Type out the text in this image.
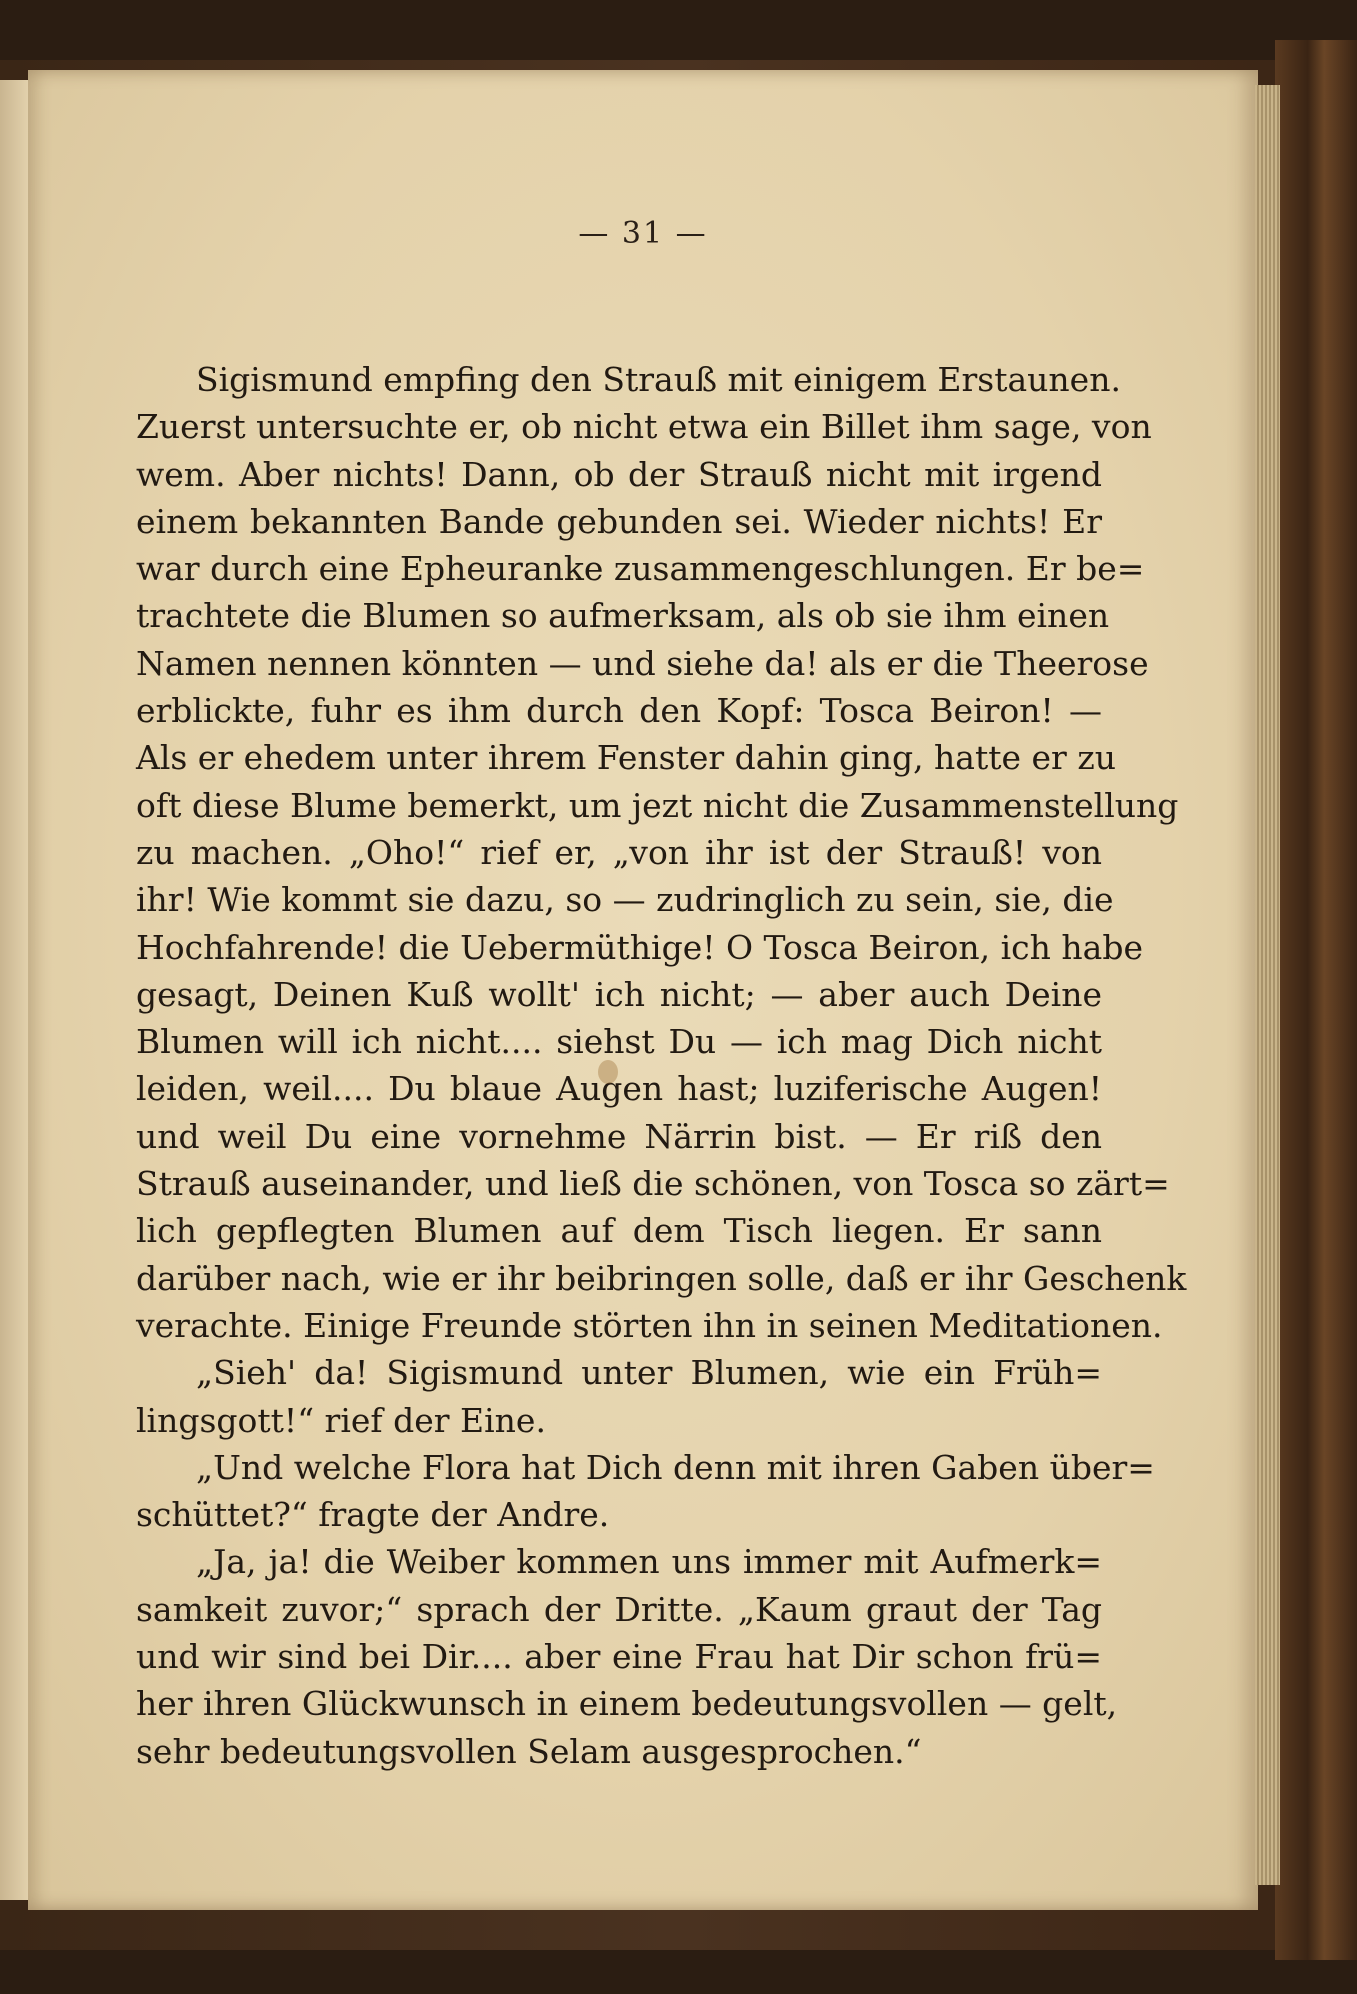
— 31 —
Sigismund empfing den Strauß mit einigem Erstaunen.
Zuerst untersuchte er, ob nicht etwa ein Billet ihm sage, von
wem. Aber nichts! Dann, ob der Strauß nicht mit irgend
einem bekannten Bande gebunden sei. Wieder nichts! Er
war durch eine Epheuranke zusammengeschlungen. Er be=
trachtete die Blumen so aufmerksam, als ob sie ihm einen
Namen nennen könnten — und siehe da! als er die Theerose
erblickte, fuhr es ihm durch den Kopf: Tosca Beiron! —
Als er ehedem unter ihrem Fenster dahin ging, hatte er zu
oft diese Blume bemerkt, um jezt nicht die Zusammenstellung
zu machen. „Oho!“ rief er, „von ihr ist der Strauß! von
ihr! Wie kommt sie dazu, so — zudringlich zu sein, sie, die
Hochfahrende! die Uebermüthige! O Tosca Beiron, ich habe
gesagt, Deinen Kuß wollt' ich nicht; — aber auch Deine
Blumen will ich nicht.... siehst Du — ich mag Dich nicht
leiden, weil.... Du blaue Augen hast; luziferische Augen!
und weil Du eine vornehme Närrin bist. — Er riß den
Strauß auseinander, und ließ die schönen, von Tosca so zärt=
lich gepflegten Blumen auf dem Tisch liegen. Er sann
darüber nach, wie er ihr beibringen solle, daß er ihr Geschenk
verachte. Einige Freunde störten ihn in seinen Meditationen.
„Sieh' da! Sigismund unter Blumen, wie ein Früh=
lingsgott!“ rief der Eine.
„Und welche Flora hat Dich denn mit ihren Gaben über=
schüttet?“ fragte der Andre.
„Ja, ja! die Weiber kommen uns immer mit Aufmerk=
samkeit zuvor;“ sprach der Dritte. „Kaum graut der Tag
und wir sind bei Dir.... aber eine Frau hat Dir schon frü=
her ihren Glückwunsch in einem bedeutungsvollen — gelt,
sehr bedeutungsvollen Selam ausgesprochen.“
